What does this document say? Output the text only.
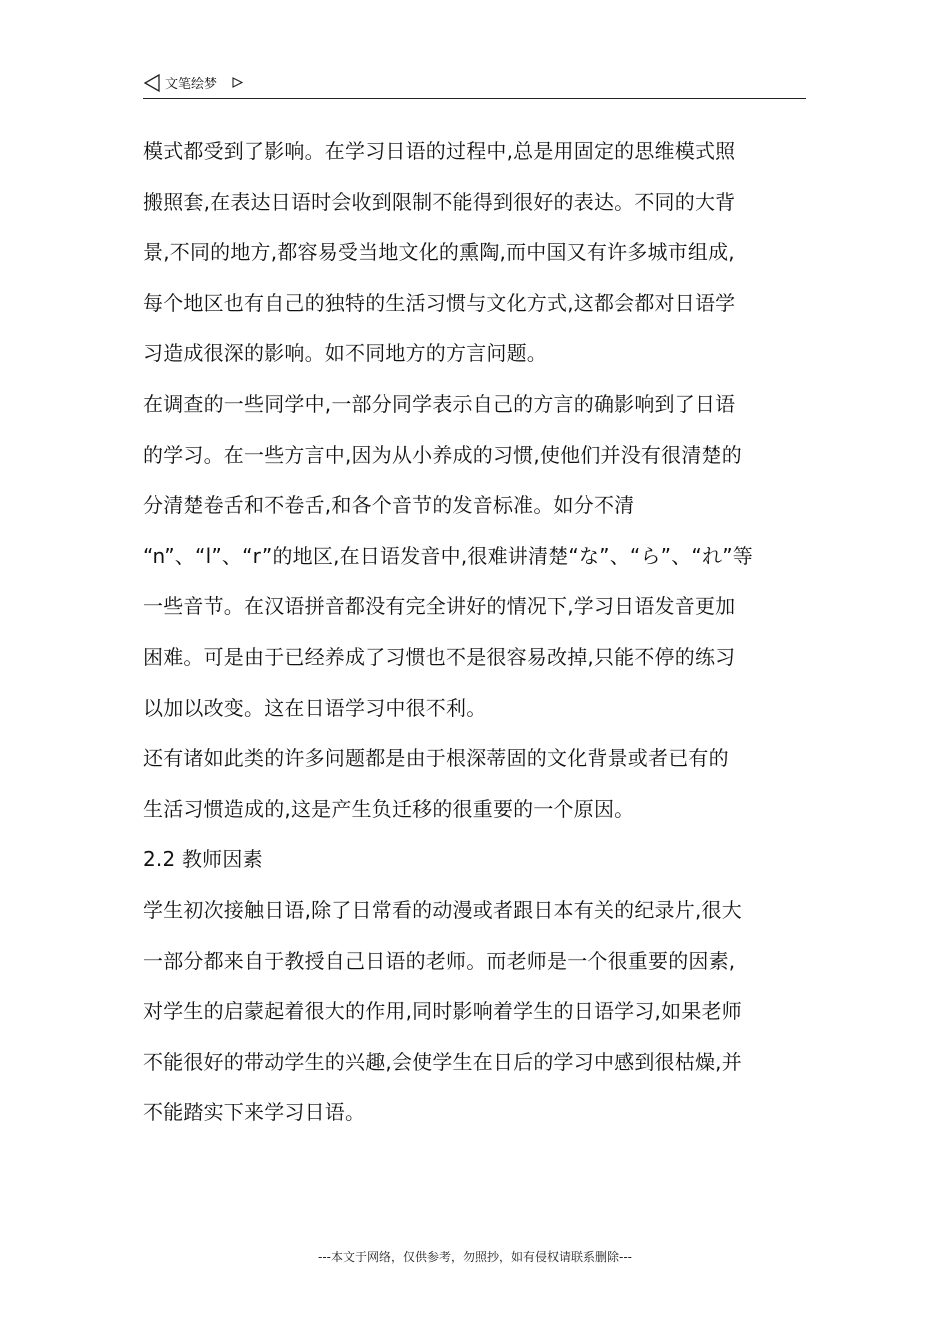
文笔绘梦
模式都受到了影响。在学习日语的过程中,总是用固定的思维模式照
搬照套,在表达日语时会收到限制不能得到很好的表达。不同的大背
景,不同的地方,都容易受当地文化的熏陶,而中国又有许多城市组成,
每个地区也有自己的独特的生活习惯与文化方式,这都会都对日语学
习造成很深的影响。如不同地方的方言问题。
在调查的一些同学中,一部分同学表示自己的方言的确影响到了日语
的学习。在一些方言中,因为从小养成的习惯,使他们并没有很清楚的
分清楚卷舌和不卷舌,和各个音节的发音标准。如分不清
“n”、“l”、“r”的地区,在日语发音中,很难讲清楚“な”、“ら”、“れ”等
一些音节。在汉语拼音都没有完全讲好的情况下,学习日语发音更加
困难。可是由于已经养成了习惯也不是很容易改掉,只能不停的练习
以加以改变。这在日语学习中很不利。
还有诸如此类的许多问题都是由于根深蒂固的文化背景或者已有的
生活习惯造成的,这是产生负迁移的很重要的一个原因。
2.2 教师因素
学生初次接触日语,除了日常看的动漫或者跟日本有关的纪录片,很大
一部分都来自于教授自己日语的老师。而老师是一个很重要的因素,
对学生的启蒙起着很大的作用,同时影响着学生的日语学习,如果老师
不能很好的带动学生的兴趣,会使学生在日后的学习中感到很枯燥,并
不能踏实下来学习日语。
---本文于网络，仅供参考，勿照抄，如有侵权请联系删除---
